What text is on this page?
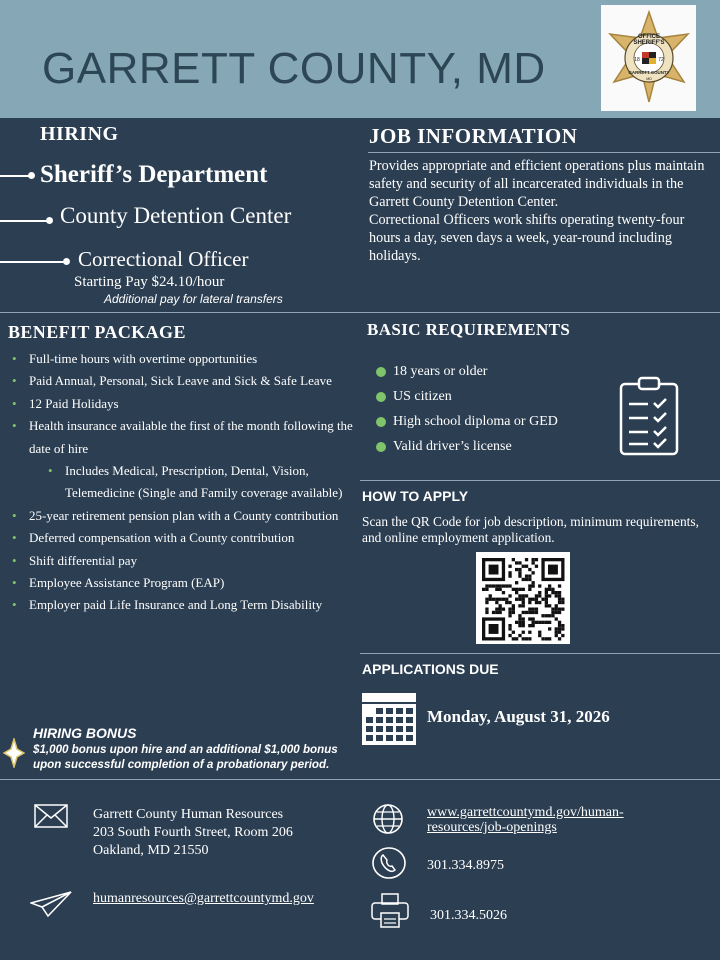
GARRETT COUNTY, MD
SHERIFF'S
OFFICE
18	72
GARRETT COUNTY
MD
HIRING
Sheriff’s Department
County Detention Center
Correctional Officer
Starting Pay $24.10/hour
Additional pay for lateral transfers
JOB INFORMATION
Provides appropriate and efficient operations plus maintain safety and security of all incarcerated individuals in the Garrett County Detention Center.
Correctional Officers work shifts operating twenty-four hours a day, seven days a week, year-round including holidays.
BENEFIT PACKAGE
• Full-time hours with overtime opportunities
• Paid Annual, Personal, Sick Leave and Sick & Safe Leave
• 12 Paid Holidays
• Health insurance available the first of the month following the date of hire
• Includes Medical, Prescription, Dental, Vision, Telemedicine (Single and Family coverage available)
• 25-year retirement pension plan with a County contribution
• Deferred compensation with a County contribution
• Shift differential pay
• Employee Assistance Program (EAP)
• Employer paid Life Insurance and Long Term Disability
HIRING BONUS
$1,000 bonus upon hire and an additional $1,000 bonus upon successful completion of a probationary period.
BASIC REQUIREMENTS
18 years or older
US citizen
High school diploma or GED
Valid driver’s license
HOW TO APPLY
Scan the QR Code for job description, minimum requirements, and online employment application.
APPLICATIONS DUE
Monday, August 31, 2026
Garrett County Human Resources
203 South Fourth Street, Room 206
Oakland, MD 21550
humanresources@garrettcountymd.gov
www.garrettcountymd.gov/human-
resources/job-openings
301.334.8975
301.334.5026
